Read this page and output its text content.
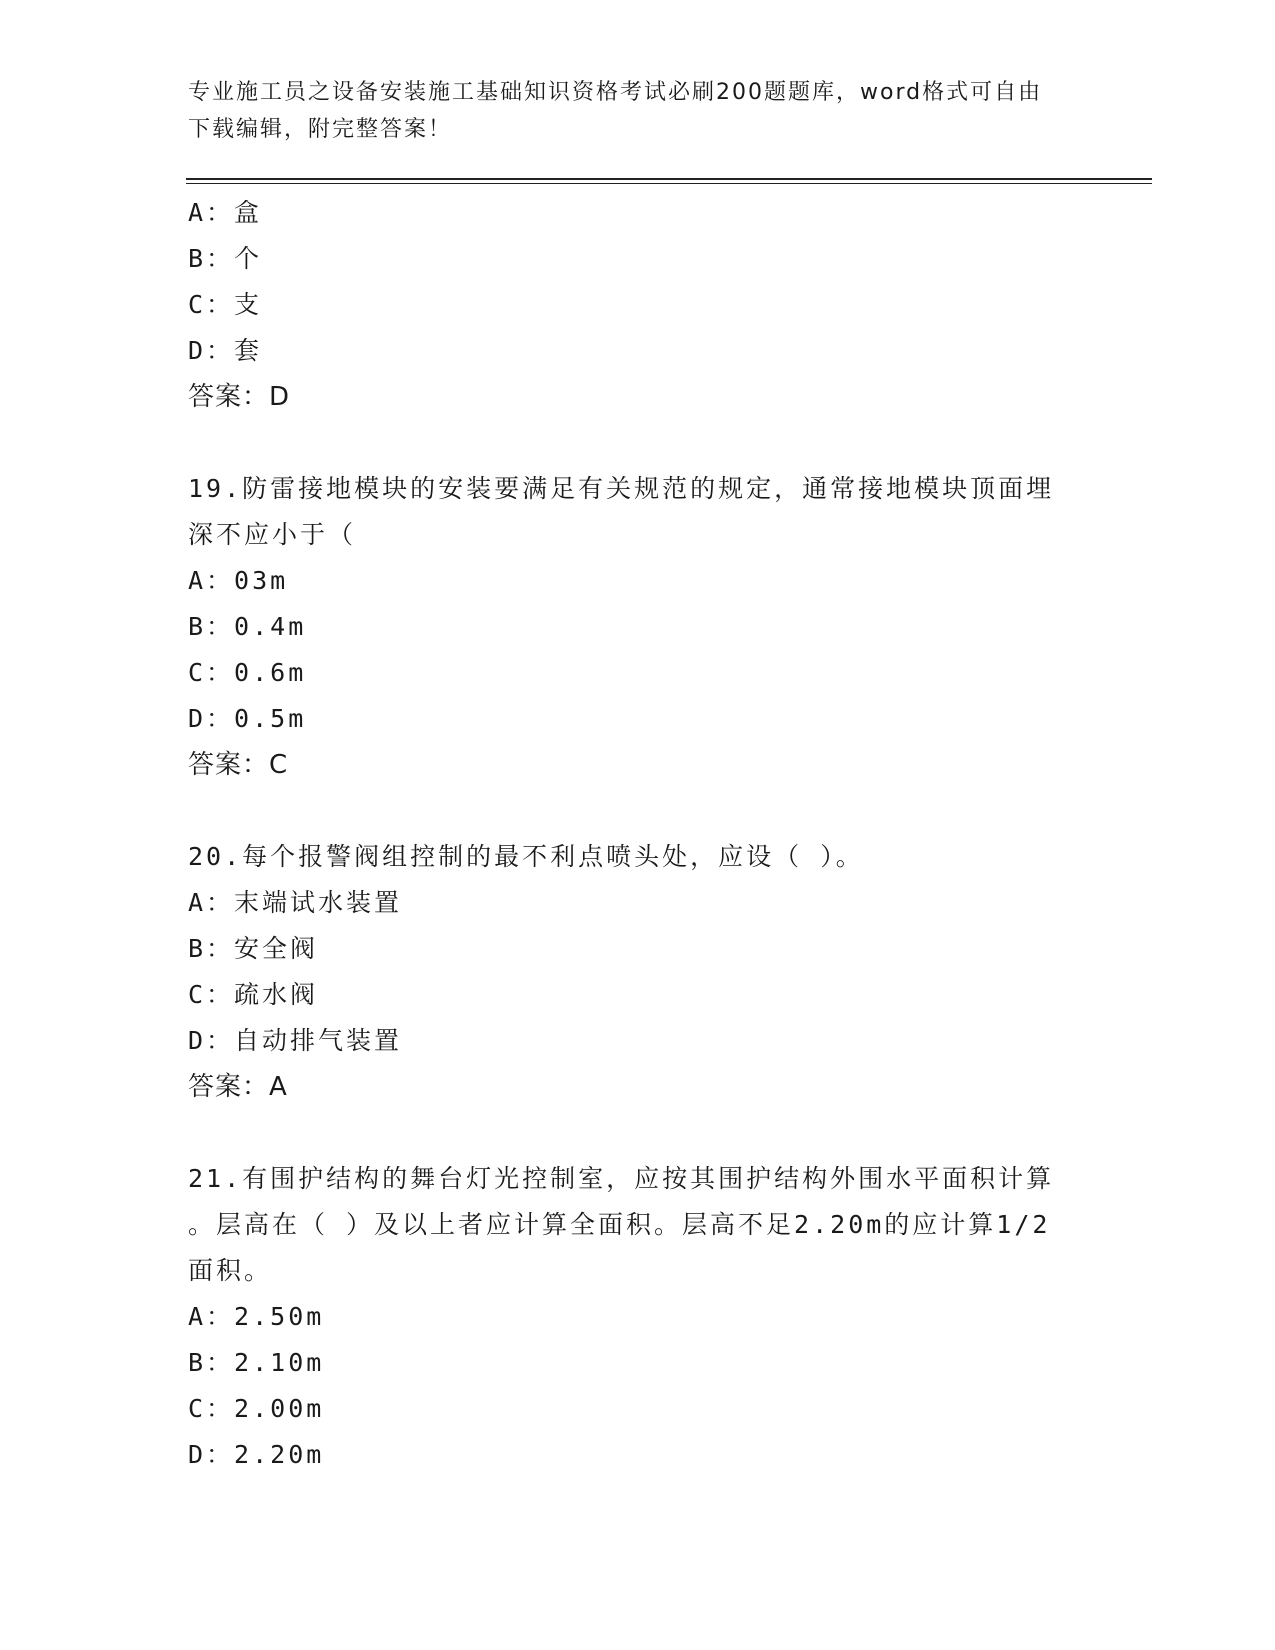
专业施工员之设备安装施工基础知识资格考试必刷200题题库，word格式可自由
下载编辑，附完整答案！
A：盒
B：个
C：支
D：套
答案：D
19.防雷接地模块的安装要满足有关规范的规定，通常接地模块顶面埋
深不应小于（
A：03m
B：0.4m
C：0.6m
D：0.5m
答案：C
20.每个报警阀组控制的最不利点喷头处，应设（ ）。
A：末端试水装置
B：安全阀
C：疏水阀
D：自动排气装置
答案：A
21.有围护结构的舞台灯光控制室，应按其围护结构外围水平面积计算
。层高在（ ）及以上者应计算全面积。层高不足2.20m的应计算1/2
面积。
A：2.50m
B：2.10m
C：2.00m
D：2.20m
